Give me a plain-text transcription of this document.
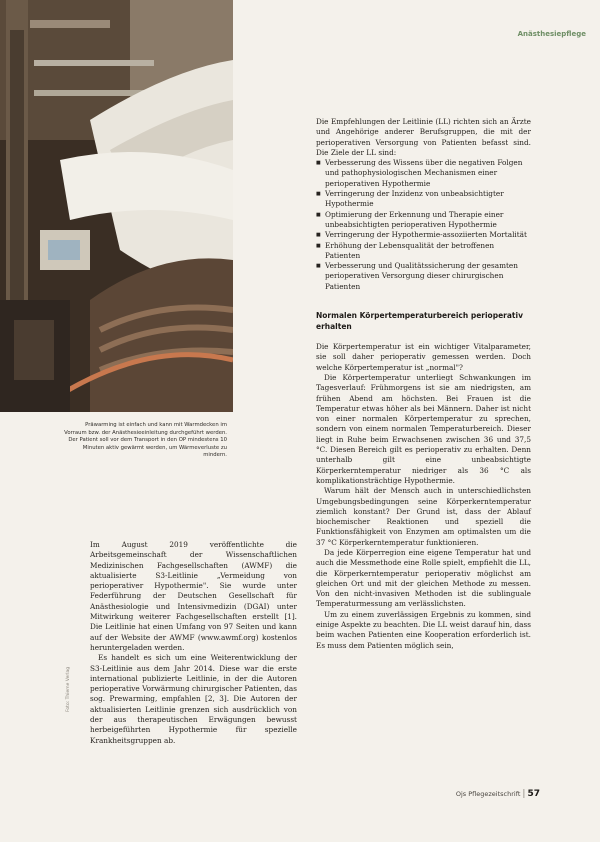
Präwarming ist einfach und kann mit Warmdecken im Vorraum bzw. der Anästhesieeinleitung durchgeführt werden. Der Patient soll vor dem Transport in den OP mindestens 10 Minuten aktiv gewärmt werden, um Wärmeverluste zu mindern.
Anästhesiepflege

Die Empfehlungen der Leitlinie (LL) richten sich an Ärzte und Angehörige anderer Berufsgruppen, die mit der perioperativen Versorgung von Patienten befasst sind. Die Ziele der LL sind:

■ Verbesserung des Wissens über die negativen Folgen und pathophysiologischen Mechanismen einer perioperativen Hypothermie
■ Verringerung der Inzidenz von unbeabsichtigter Hypothermie
■ Optimierung der Erkennung und Therapie einer unbeabsichtigten perioperativen Hypothermie
■ Verringerung der Hypothermie-assoziierten Mortalität
■ Erhöhung der Lebensqualität der betroffenen Patienten
■ Verbesserung und Qualitätssicherung der gesamten perioperativen Versorgung dieser chirurgischen Patienten
Normalen Körpertemperaturbereich perioperativ erhalten

Die Körpertemperatur ist ein wichtiger Vitalparameter, sie soll daher perioperativ gemessen werden. Doch welche Körpertemperatur ist „normal"?

Die Körpertemperatur unterliegt Schwankungen im Tagesverlauf: Frühmorgens ist sie am niedrigsten, am frühen Abend am höchsten. Bei Frauen ist die Temperatur etwas höher als bei Männern. Daher ist nicht von einer normalen Körpertemperatur zu sprechen, sondern von einem normalen Temperaturbereich. Dieser liegt in Ruhe beim Erwachsenen zwischen 36 und 37,5 °C. Diesen Bereich gilt es perioperativ zu erhalten. Denn unterhalb gilt eine unbeabsichtigte Körperkerntemperatur niedriger als 36 °C als komplikationsträchtige Hypothermie.

Warum hält der Mensch auch in unterschiedlichsten Umgebungsbedingungen seine Körperkerntemperatur ziemlich konstant? Der Grund ist, dass der Ablauf biochemischer Reaktionen und speziell die Funktionsfähigkeit von Enzymen am optimalsten um die 37 °C Körperkerntemperatur funktionieren.

Da jede Körperregion eine eigene Temperatur hat und auch die Messmethode eine Rolle spielt, empfiehlt die LL, die Körperkerntemperatur perioperativ möglichst am gleichen Ort und mit der gleichen Methode zu messen. Von den nicht-invasiven Methoden ist die sublinguale Temperaturmessung am verlässlichsten.

Um zu einem zuverlässigen Ergebnis zu kommen, sind einige Aspekte zu beachten. Die LL weist darauf hin, dass beim wachen Patienten eine Kooperation erforderlich ist. Es muss dem Patienten möglich sein,

Im August 2019 veröffentlichte die Arbeitsgemeinschaft der Wissenschaftlichen Medizinischen Fachgesellschaften (AWMF) die aktualisierte S3-Leitlinie „Vermeidung von perioperativer Hypothermie". Sie wurde unter Federführung der Deutschen Gesellschaft für Anästhesiologie und Intensivmedizin (DGAI) unter Mitwirkung weiterer Fachgesellschaften erstellt [1]. Die Leitlinie hat einen Umfang von 97 Seiten und kann auf der Website der AWMF (www.awmf.org) kostenlos heruntergeladen werden.

Es handelt es sich um eine Weiterentwicklung der S3-Leitlinie aus dem Jahr 2014. Diese war die erste international publizierte Leitlinie, in der die Autoren perioperative Vorwärmung chirurgischer Patienten, das sog. Prewarming, empfahlen [2, 3]. Die Autoren der aktualisierten Leitlinie grenzen sich ausdrücklich von der aus therapeutischen Erwägungen bewusst herbeigeführten Hypothermie für spezielle Krankheitsgruppen ab.

Foto: Thieme Verlag
Ojs Pflegezeitschrift | 57
